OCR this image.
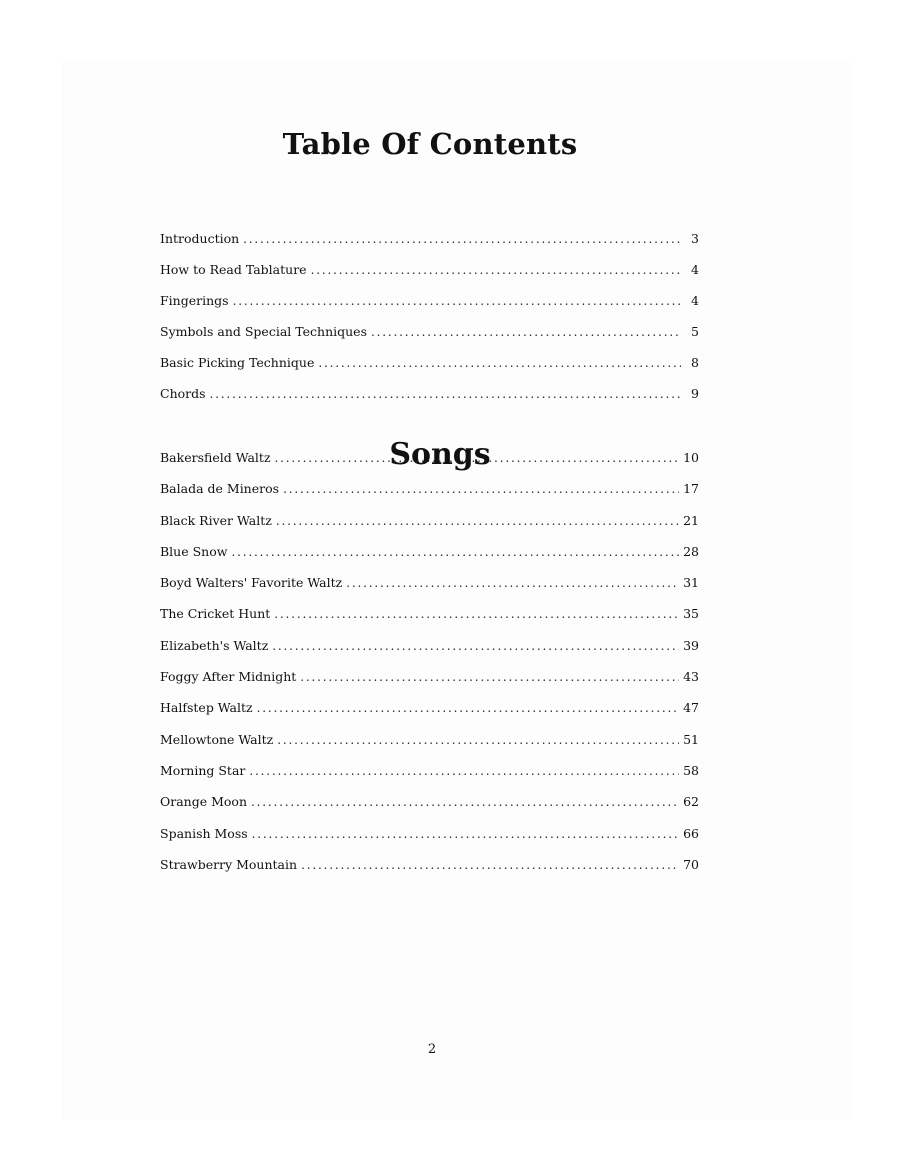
Table Of Contents
Introduction . . .	3
How to Read Tablature . . .	4
Fingerings . . .	4
Symbols and Special Techniques . . .	5
Basic Picking Technique . . .	8
Chords . . .	9
Songs
Bakersfield Waltz . . .	10
Balada de Mineros . . .	17
Black River Waltz . . .	21
Blue Snow . . .	28
Boyd Walters' Favorite Waltz . . .	31
The Cricket Hunt . . .	35
Elizabeth's Waltz . . .	39
Foggy After Midnight . . .	43
Halfstep Waltz . . .	47
Mellowtone Waltz . . .	51
Morning Star . . .	58
Orange Moon . . .	62
Spanish Moss . . .	66
Strawberry Mountain . . .	70
2
